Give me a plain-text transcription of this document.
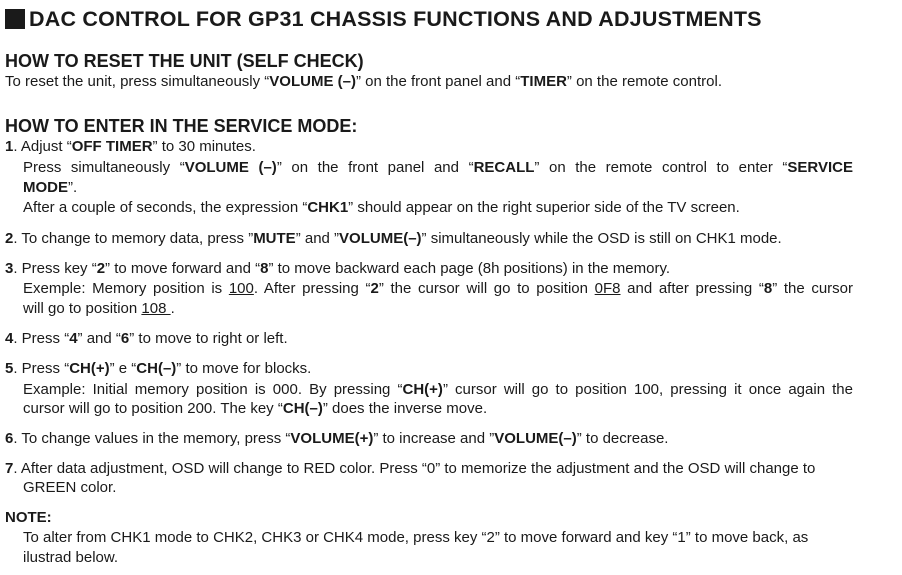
DAC CONTROL FOR GP31 CHASSIS FUNCTIONS AND ADJUSTMENTS
HOW TO RESET THE UNIT (SELF CHECK)
To reset the unit, press simultaneously “VOLUME (–)” on the front panel and “TIMER” on the remote control.
HOW TO ENTER IN THE SERVICE MODE:
1. Adjust “OFF TIMER” to 30 minutes.
Press simultaneously “VOLUME (–)” on the front panel and “RECALL” on the remote control to enter “SERVICE
MODE”.
After a couple of seconds, the expression “CHK1” should appear on the right superior side of the TV screen.
2. To change to memory data, press ”MUTE” and ”VOLUME(–)” simultaneously while the OSD is still on CHK1 mode.
3. Press key “2” to move forward and “8” to move backward each page (8h positions) in the memory.
Exemple: Memory position is 100. After pressing “2” the cursor will go to position 0F8 and after pressing “8” the cursor
will go to position 108 .
4. Press “4” and “6” to move to right or left.
5. Press “CH(+)” e “CH(–)” to move for blocks.
Example: Initial memory position is 000. By pressing “CH(+)” cursor will go to position 100, pressing it once again the
cursor will go to position 200. The key “CH(–)” does the inverse move.
6. To change values in the memory, press “VOLUME(+)” to increase and ”VOLUME(–)” to decrease.
7. After data adjustment, OSD will change to RED color. Press “0” to memorize the adjustment and the OSD will change to
GREEN color.
NOTE:
To alter from CHK1 mode to CHK2, CHK3 or CHK4 mode, press key “2” to move forward and key “1” to move back, as
ilustrad below.
